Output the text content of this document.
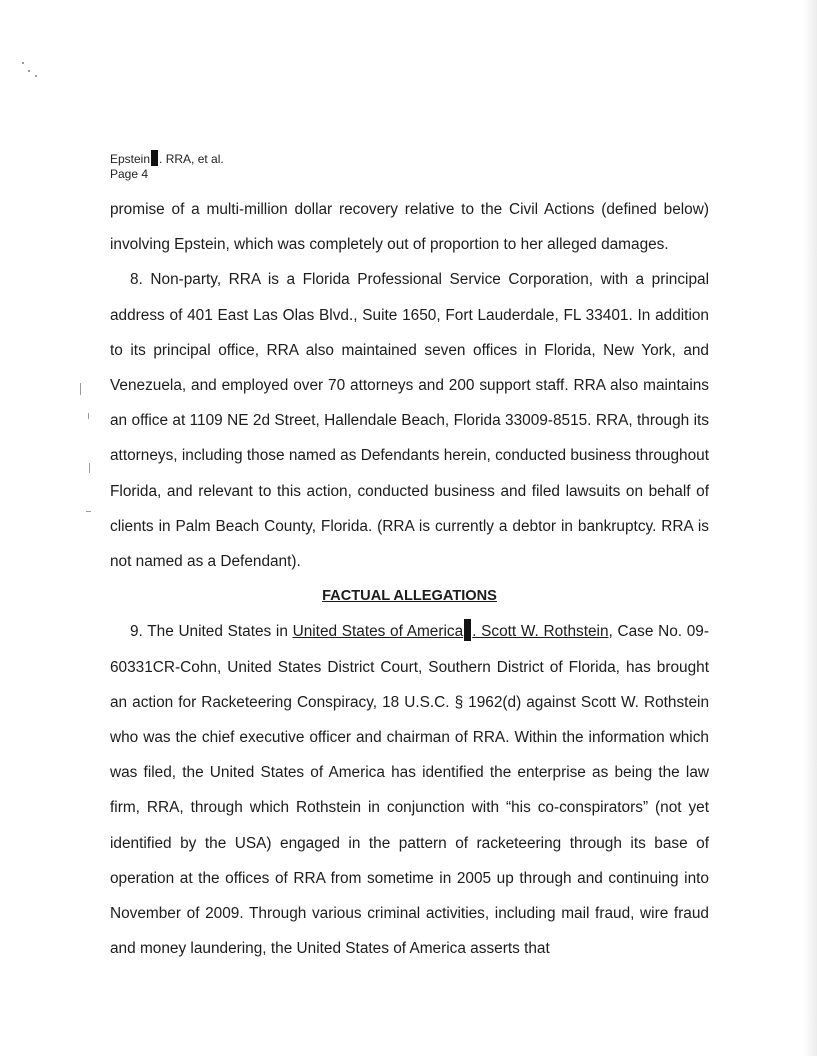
Epstein . RRA, et al.
Page 4

promise of a multi-million dollar recovery relative to the Civil Actions (defined below) involving Epstein, which was completely out of proportion to her alleged damages.

8. Non-party, RRA is a Florida Professional Service Corporation, with a principal address of 401 East Las Olas Blvd., Suite 1650, Fort Lauderdale, FL 33401. In addition to its principal office, RRA also maintained seven offices in Florida, New York, and Venezuela, and employed over 70 attorneys and 200 support staff. RRA also maintains an office at 1109 NE 2d Street, Hallendale Beach, Florida 33009-8515. RRA, through its attorneys, including those named as Defendants herein, conducted business throughout Florida, and relevant to this action, conducted business and filed lawsuits on behalf of clients in Palm Beach County, Florida. (RRA is currently a debtor in bankruptcy. RRA is not named as a Defendant).

FACTUAL ALLEGATIONS

9. The United States in United States of America . Scott W. Rothstein, Case No. 09-60331CR-Cohn, United States District Court, Southern District of Florida, has brought an action for Racketeering Conspiracy, 18 U.S.C. § 1962(d) against Scott W. Rothstein who was the chief executive officer and chairman of RRA. Within the information which was filed, the United States of America has identified the enterprise as being the law firm, RRA, through which Rothstein in conjunction with “his co-conspirators” (not yet identified by the USA) engaged in the pattern of racketeering through its base of operation at the offices of RRA from sometime in 2005 up through and continuing into November of 2009. Through various criminal activities, including mail fraud, wire fraud and money laundering, the United States of America asserts that
